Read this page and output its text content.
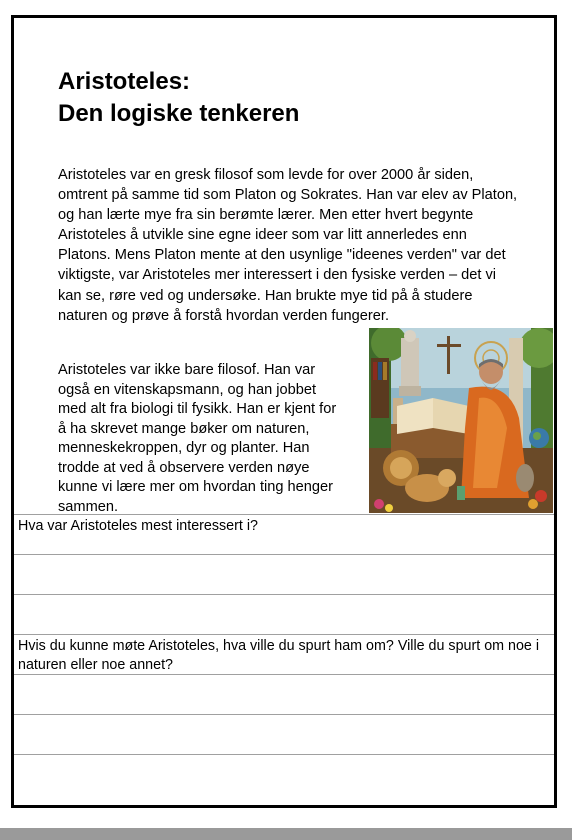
Aristoteles:
Den logiske tenkeren

Aristoteles var en gresk filosof som levde for over 2000 år siden, omtrent på samme tid som Platon og Sokrates. Han var elev av Platon, og han lærte mye fra sin berømte lærer. Men etter hvert begynte Aristoteles å utvikle sine egne ideer som var litt annerledes enn Platons. Mens Platon mente at den usynlige "ideenes verden" var det viktigste, var Aristoteles mer interessert i den fysiske verden – det vi kan se, røre ved og undersøke. Han brukte mye tid på å studere naturen og prøve å forstå hvordan verden fungerer.

Aristoteles var ikke bare filosof. Han var også en vitenskapsmann, og han jobbet med alt fra biologi til fysikk. Han er kjent for å ha skrevet mange bøker om naturen, menneskekroppen, dyr og planter. Han trodde at ved å observere verden nøye kunne vi lære mer om hvordan ting henger sammen.

Hva var Aristoteles mest interessert i?

Hvis du kunne møte Aristoteles, hva ville du spurt ham om? Ville du spurt om noe i naturen eller noe annet?
